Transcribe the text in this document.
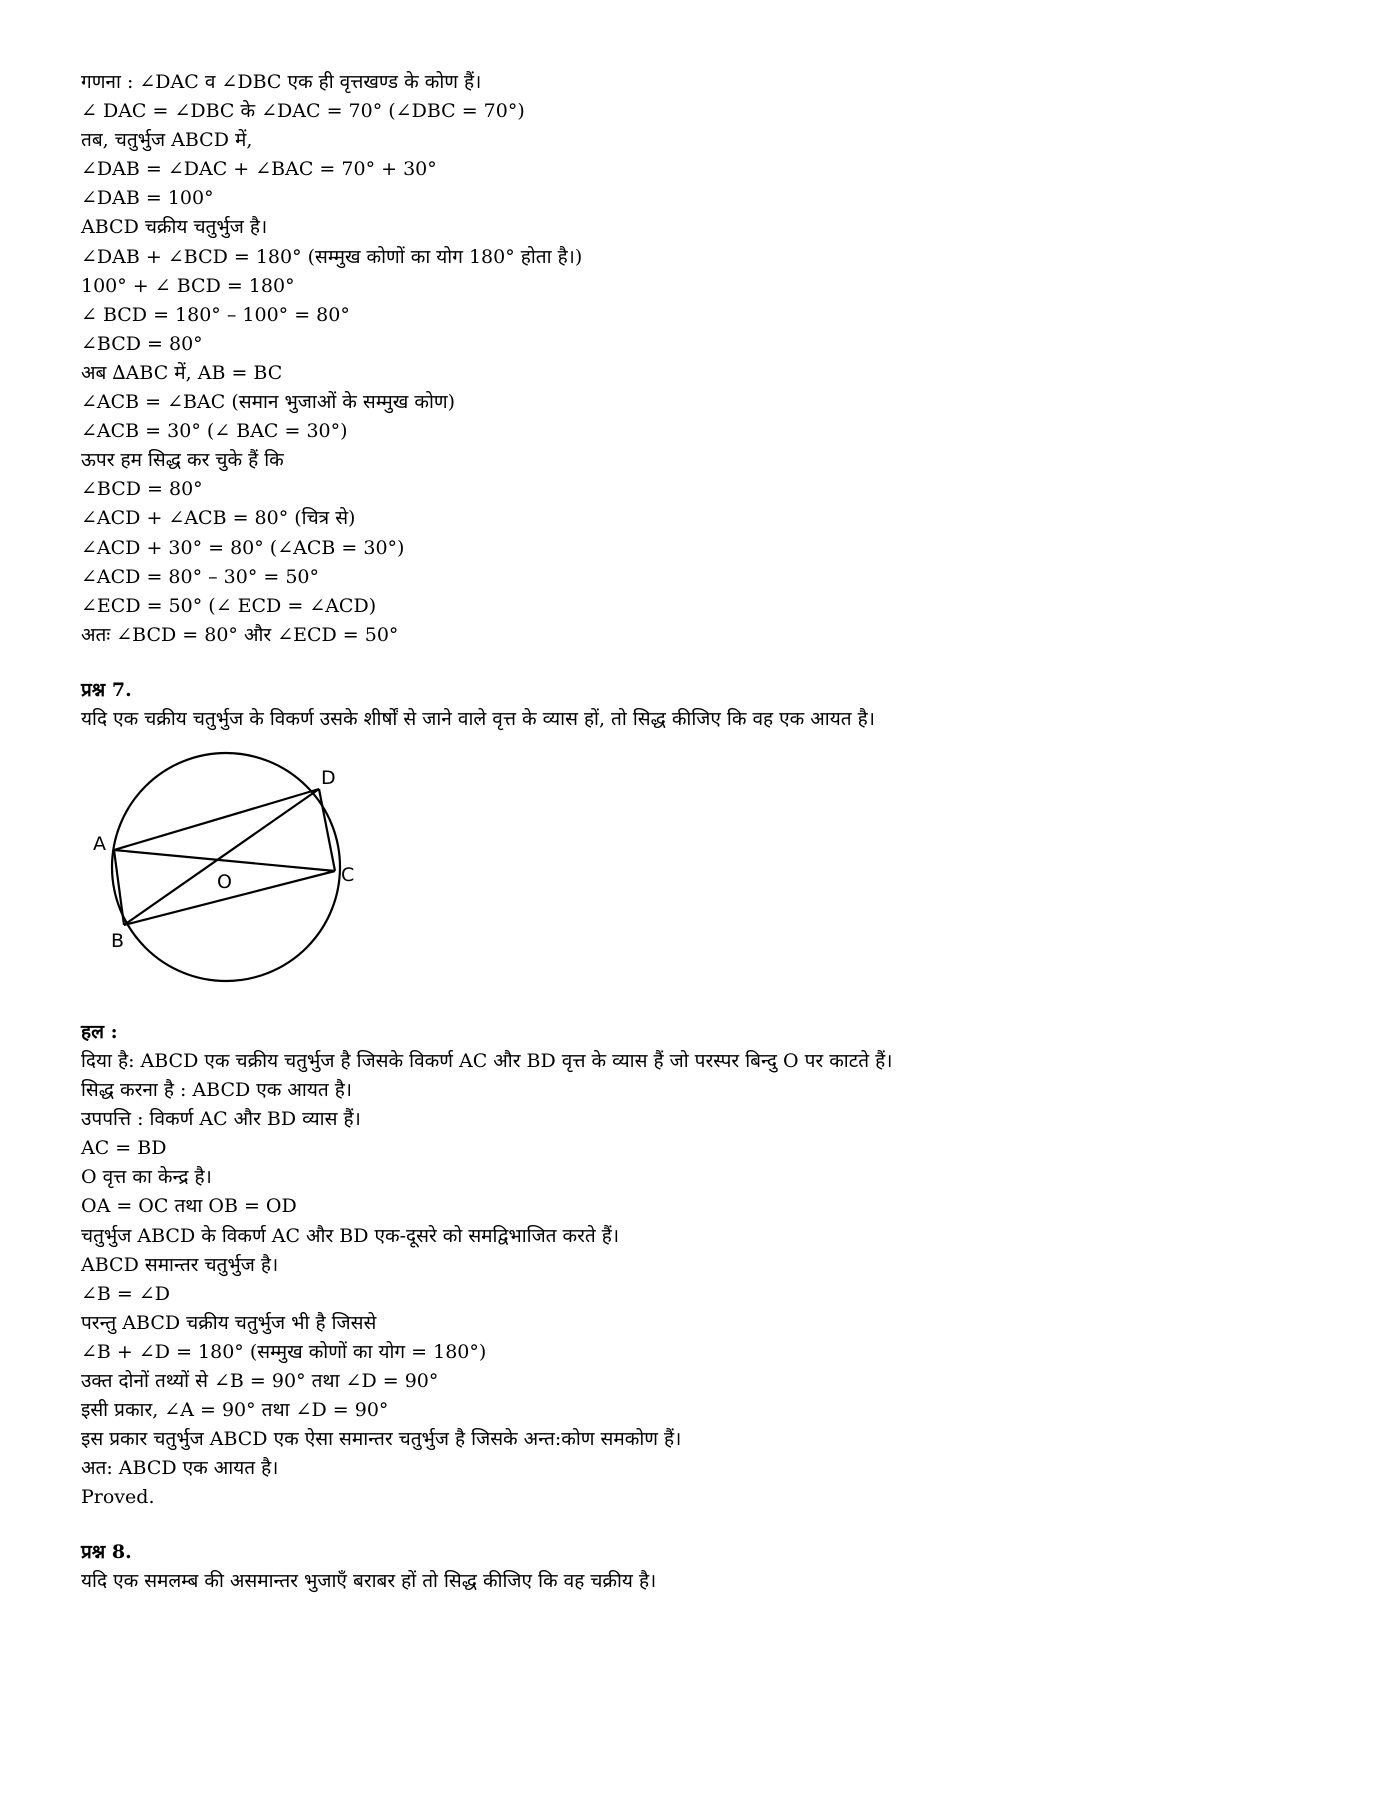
गणना : ∠DAC व ∠DBC एक ही वृत्तखण्ड के कोण हैं।
∠ DAC = ∠DBC के ∠DAC = 70° (∠DBC = 70°)
तब, चतुर्भुज ABCD में,
∠DAB = ∠DAC + ∠BAC = 70° + 30°
∠DAB = 100°
ABCD चक्रीय चतुर्भुज है।
∠DAB + ∠BCD = 180° (सम्मुख कोणों का योग 180° होता है।)
100° + ∠ BCD = 180°
∠ BCD = 180° – 100° = 80°
∠BCD = 80°
अब ∆ABC में, AB = BC
∠ACB = ∠BAC (समान भुजाओं के सम्मुख कोण)
∠ACB = 30° (∠ BAC = 30°)
ऊपर हम सिद्ध कर चुके हैं कि
∠BCD = 80°
∠ACD + ∠ACB = 80° (चित्र से)
∠ACD + 30° = 80° (∠ACB = 30°)
∠ACD = 80° – 30° = 50°
∠ECD = 50° (∠ ECD = ∠ACD)
अतः ∠BCD = 80° और ∠ECD = 50°
प्रश्न 7.
यदि एक चक्रीय चतुर्भुज के विकर्ण उसके शीर्षों से जाने वाले वृत्त के व्यास हों, तो सिद्ध कीजिए कि वह एक आयत है।
A
B
C
D
O
हल :
दिया है: ABCD एक चक्रीय चतुर्भुज है जिसके विकर्ण AC और BD वृत्त के व्यास हैं जो परस्पर बिन्दु O पर काटते हैं।
सिद्ध करना है : ABCD एक आयत है।
उपपत्ति : विकर्ण AC और BD व्यास हैं।
AC = BD
O वृत्त का केन्द्र है।
OA = OC तथा OB = OD
चतुर्भुज ABCD के विकर्ण AC और BD एक-दूसरे को समद्विभाजित करते हैं।
ABCD समान्तर चतुर्भुज है।
∠B = ∠D
परन्तु ABCD चक्रीय चतुर्भुज भी है जिससे
∠B + ∠D = 180° (सम्मुख कोणों का योग = 180°)
उक्त दोनों तथ्यों से ∠B = 90° तथा ∠D = 90°
इसी प्रकार, ∠A = 90° तथा ∠D = 90°
इस प्रकार चतुर्भुज ABCD एक ऐसा समान्तर चतुर्भुज है जिसके अन्त:कोण समकोण हैं।
अत: ABCD एक आयत है।
Proved.
प्रश्न 8.
यदि एक समलम्ब की असमान्तर भुजाएँ बराबर हों तो सिद्ध कीजिए कि वह चक्रीय है।
